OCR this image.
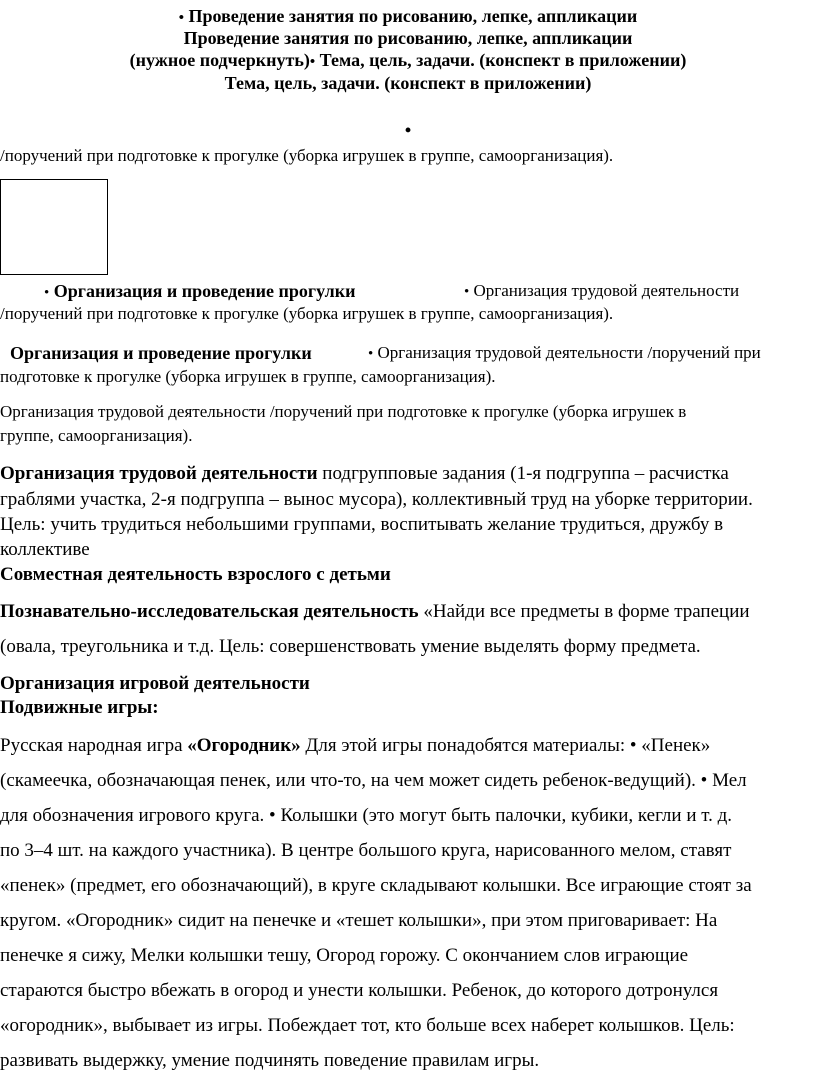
• Проведение занятия по рисованию, лепке, аппликации
Проведение занятия по рисованию, лепке, аппликации
(нужное подчеркнуть)• Тема, цель, задачи. (конспект в приложении)
Тема, цель, задачи. (конспект в приложении)
•
/поручений при подготовке к прогулке (уборка игрушек в группе, самоорганизация).
• Организация и проведение прогулки	• Организация трудовой деятельности
/поручений при подготовке к прогулке (уборка игрушек в группе, самоорганизация).
Организация и проведение прогулки	• Организация трудовой деятельности /поручений при
подготовке к прогулке (уборка игрушек в группе, самоорганизация).
Организация трудовой деятельности /поручений при подготовке к прогулке (уборка игрушек в
группе, самоорганизация).
Организация трудовой деятельности подгрупповые задания (1-я подгруппа – расчистка
граблями участка, 2-я подгруппа – вынос мусора), коллективный труд на уборке территории.
Цель: учить трудиться небольшими группами, воспитывать желание трудиться, дружбу в
коллективе
Совместная деятельность взрослого с детьми
Познавательно-исследовательская деятельность «Найди все предметы в форме трапеции
(овала, треугольника и т.д. Цель: совершенствовать умение выделять форму предмета.
Организация игровой деятельности
Подвижные игры:
Русская народная игра «Огородник» Для этой игры понадобятся материалы: • «Пенек»
(скамеечка, обозначающая пенек, или что-то, на чем может сидеть ребенок-ведущий). • Мел
для обозначения игрового круга. • Колышки (это могут быть палочки, кубики, кегли и т. д.
по 3–4 шт. на каждого участника). В центре большого круга, нарисованного мелом, ставят
«пенек» (предмет, его обозначающий), в круге складывают колышки. Все играющие стоят за
кругом. «Огородник» сидит на пенечке и «тешет колышки», при этом приговаривает: На
пенечке я сижу, Мелки колышки тешу, Огород горожу. С окончанием слов играющие
стараются быстро вбежать в огород и унести колышки. Ребенок, до которого дотронулся
«огородник», выбывает из игры. Побеждает тот, кто больше всех наберет колышков. Цель:
развивать выдержку, умение подчинять поведение правилам игры.
